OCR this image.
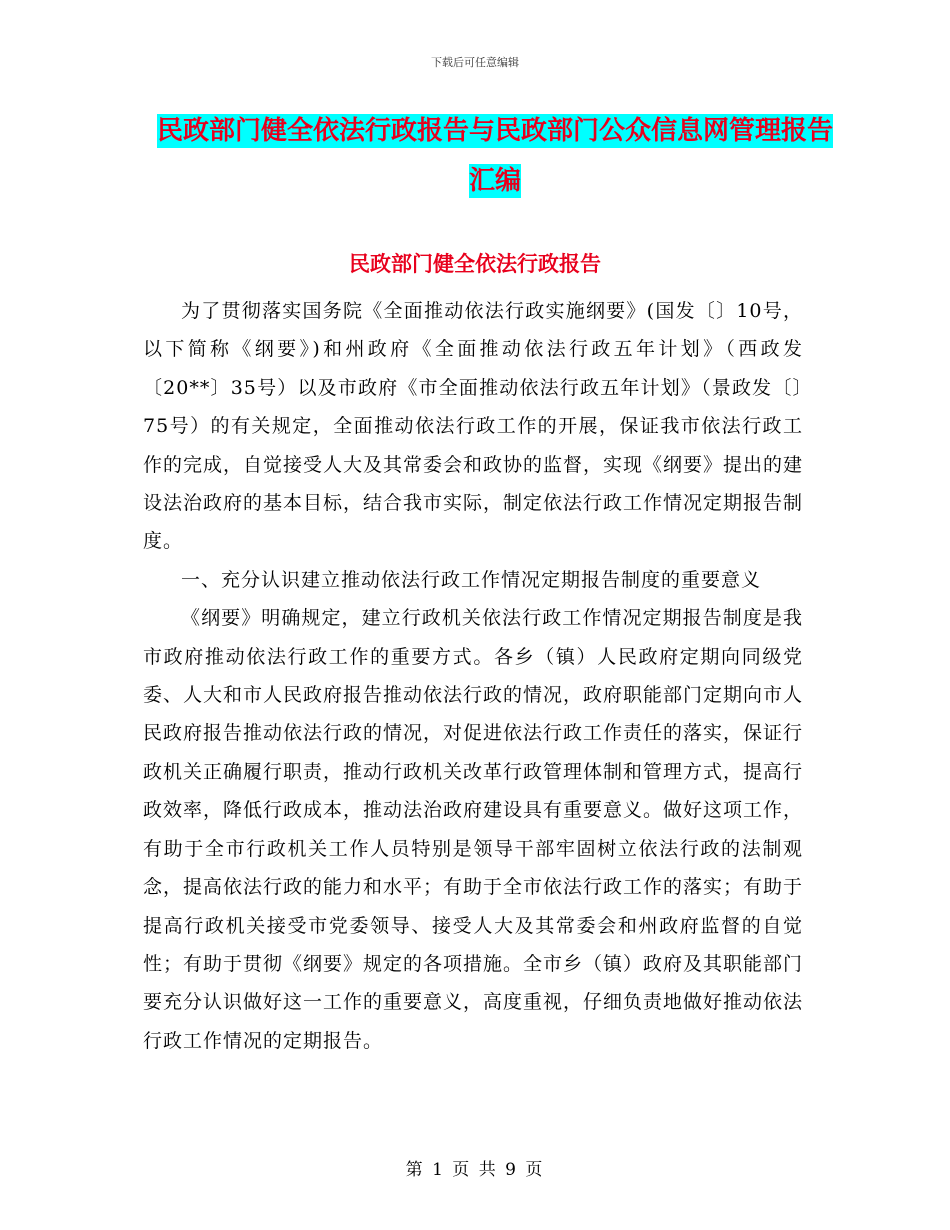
下载后可任意编辑
民政部门健全依法行政报告与民政部门公众信息网管理报告汇编
民政部门健全依法行政报告

为了贯彻落实国务院《全面推动依法行政实施纲要》(国发〔〕10号，以下简称《纲要》)和州政府《全面推动依法行政五年计划》（西政发〔20**〕35号）以及市政府《市全面推动依法行政五年计划》（景政发〔〕75号）的有关规定，全面推动依法行政工作的开展，保证我市依法行政工作的完成，自觉接受人大及其常委会和政协的监督，实现《纲要》提出的建设法治政府的基本目标，结合我市实际，制定依法行政工作情况定期报告制度。

一、充分认识建立推动依法行政工作情况定期报告制度的重要意义

《纲要》明确规定，建立行政机关依法行政工作情况定期报告制度是我市政府推动依法行政工作的重要方式。各乡（镇）人民政府定期向同级党委、人大和市人民政府报告推动依法行政的情况，政府职能部门定期向市人民政府报告推动依法行政的情况，对促进依法行政工作责任的落实，保证行政机关正确履行职责，推动行政机关改革行政管理体制和管理方式，提高行政效率，降低行政成本，推动法治政府建设具有重要意义。做好这项工作，有助于全市行政机关工作人员特别是领导干部牢固树立依法行政的法制观念，提高依法行政的能力和水平；有助于全市依法行政工作的落实；有助于提高行政机关接受市党委领导、接受人大及其常委会和州政府监督的自觉性；有助于贯彻《纲要》规定的各项措施。全市乡（镇）政府及其职能部门要充分认识做好这一工作的重要意义，高度重视，仔细负责地做好推动依法行政工作情况的定期报告。

第 1 页 共 9 页
